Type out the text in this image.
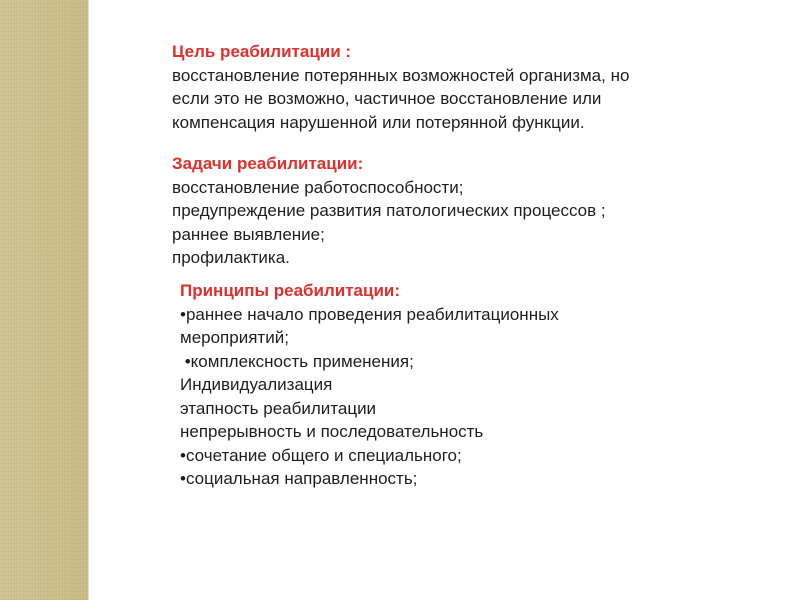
Цель реабилитации :
восстановление потерянных возможностей организма, но
если это не возможно, частичное восстановление или
компенсация нарушенной или потерянной функции.
Задачи реабилитации:
восстановление работоспособности;
предупреждение развития патологических процессов ;
раннее выявление;
профилактика.
Принципы реабилитации:
•раннее начало проведения реабилитационных
мероприятий;
•комплексность применения;
Индивидуализация
этапность реабилитации
непрерывность и последовательность
•сочетание общего и специального;
•социальная направленность;
